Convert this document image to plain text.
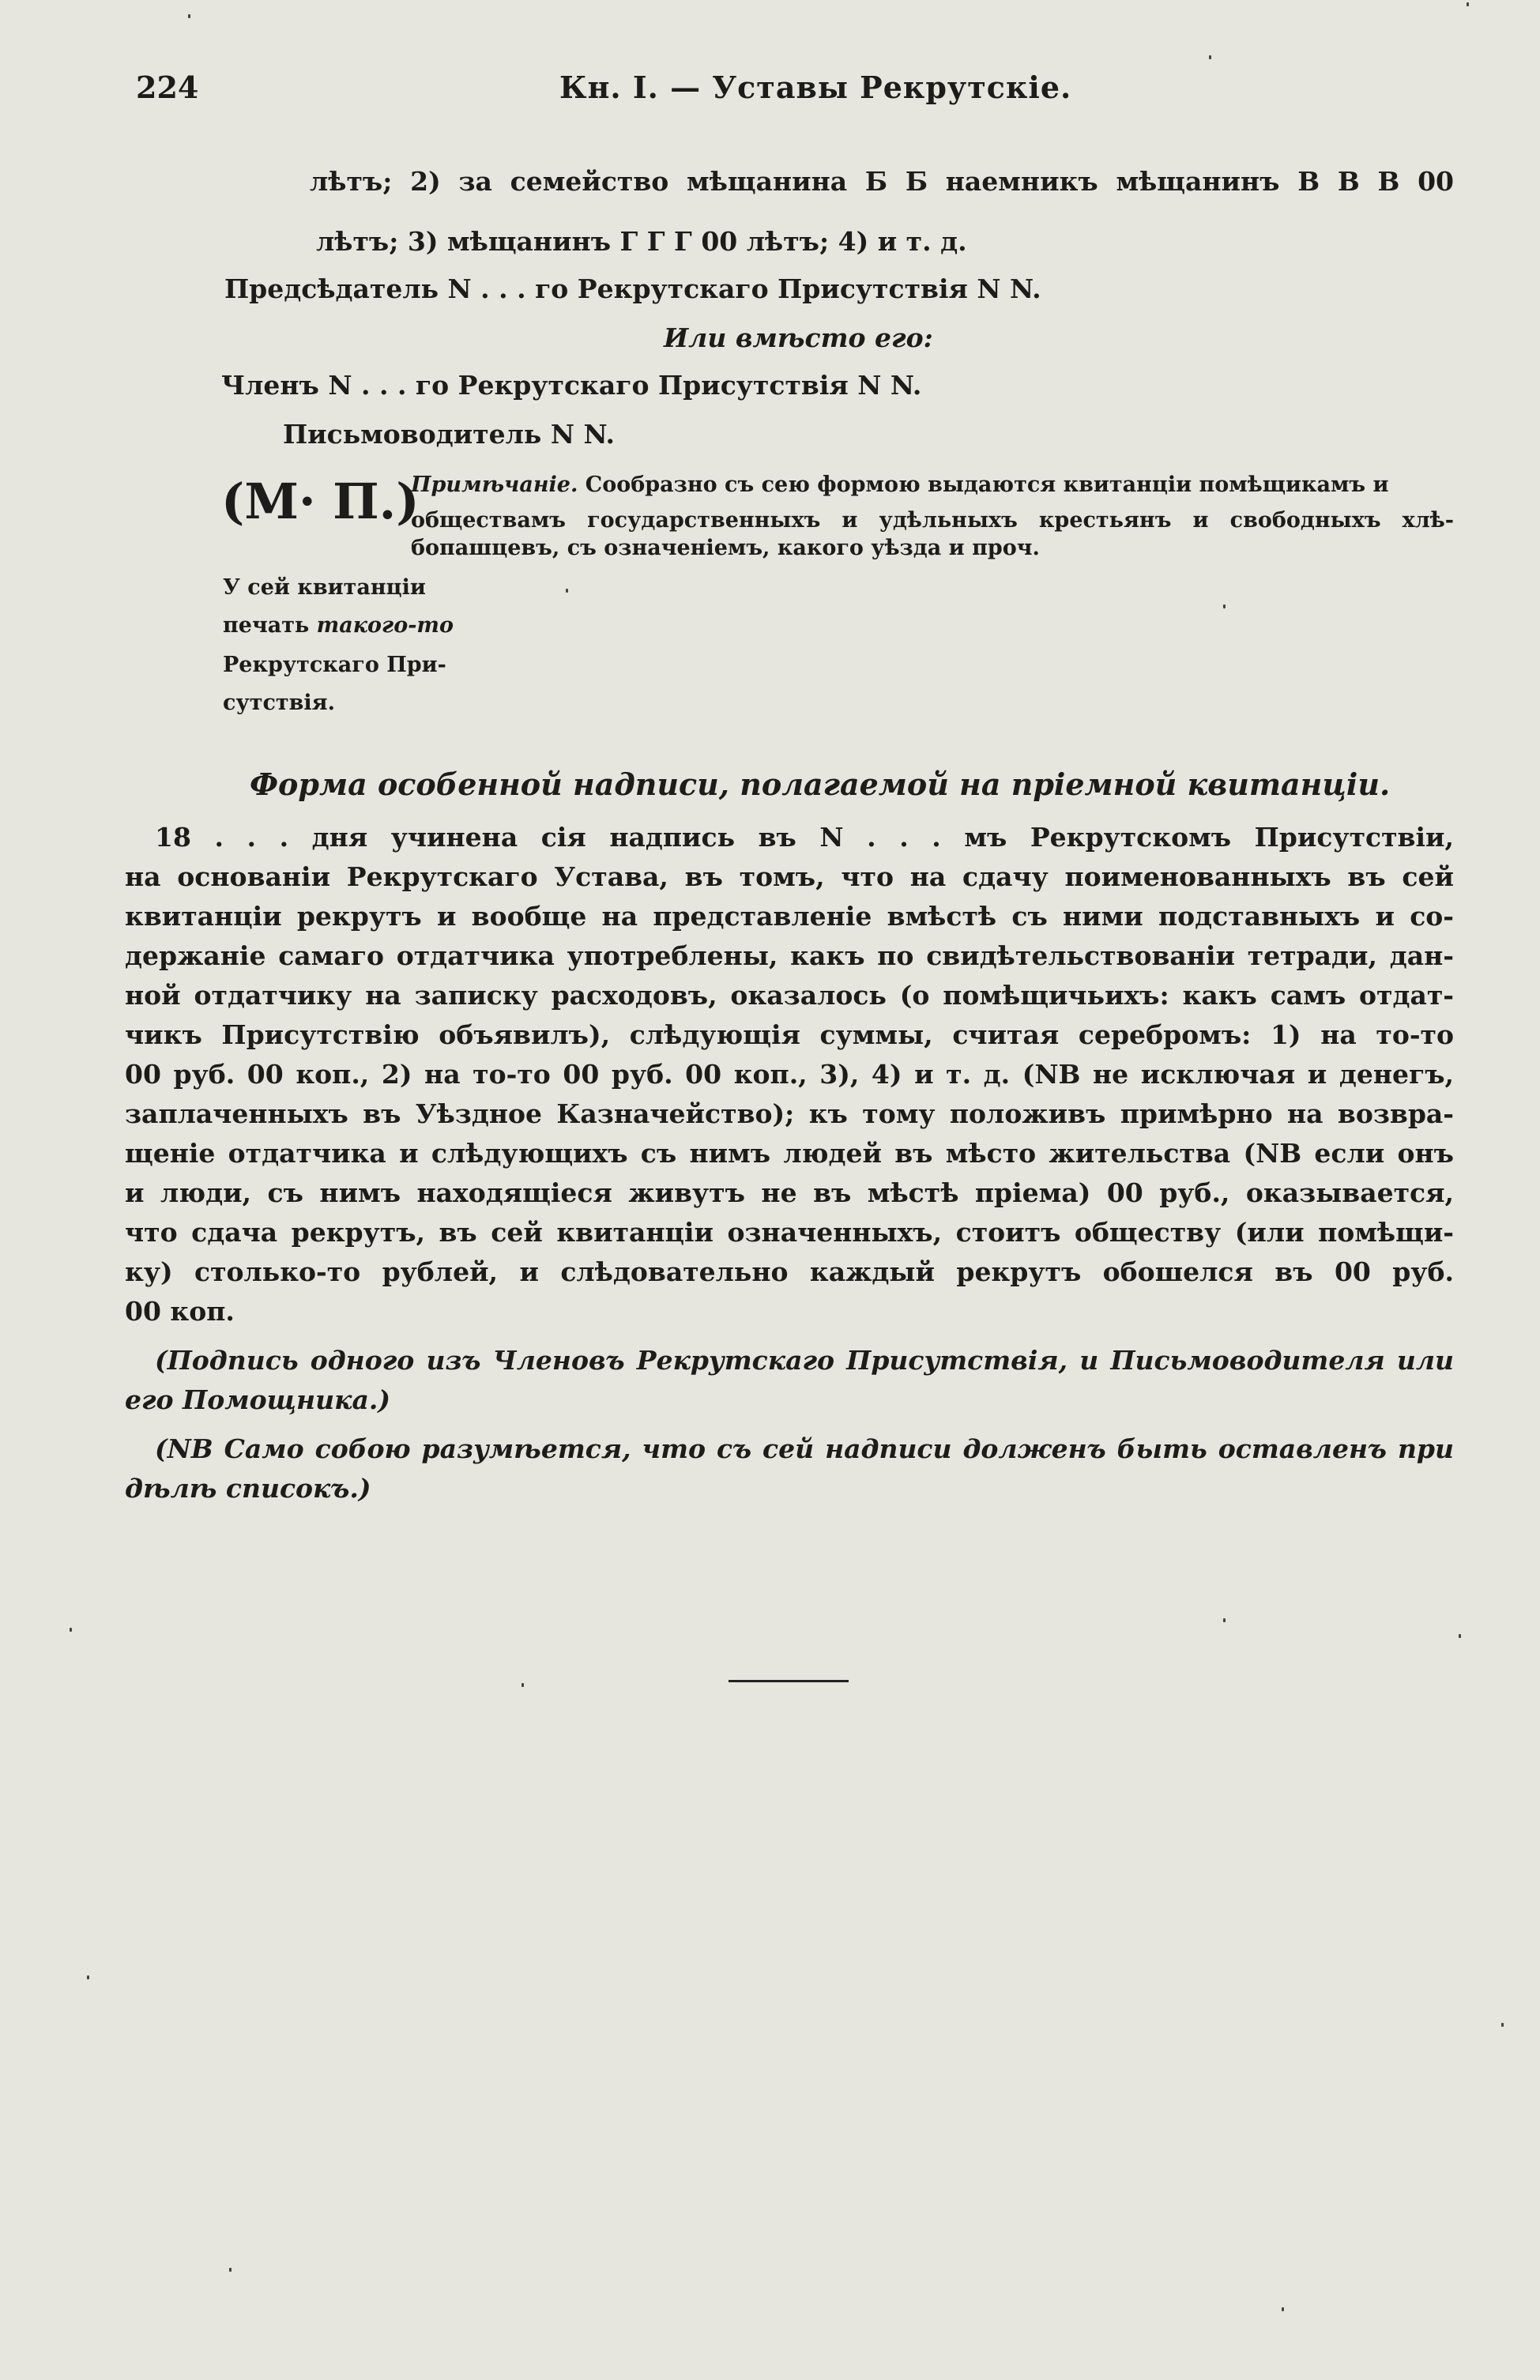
224	Кн. I. — Уставы Рекрутскіе.
лѣтъ; 2) за семейство мѣщанина Б Б наемникъ мѣщанинъ В В В 00
лѣтъ; 3) мѣщанинъ Г Г Г 00 лѣтъ; 4) и т. д.
Предсѣдатель N . . . го Рекрутскаго Присутствія N N.
Или вмѣсто его:
Членъ N . . . го Рекрутскаго Присутствія N N.
Письмоводитель N N.
(М· П.)
Примѣчаніе. Сообразно съ сею формою выдаются квитанціи помѣщикамъ и
обществамъ государственныхъ и удѣльныхъ крестьянъ и свободныхъ хлѣ-
бопашцевъ, съ означеніемъ, какого уѣзда и проч.
У сей квитанціи
печать такого-то
Рекрутскаго При-
сутствія.
Форма особенной надписи, полагаемой на пріемной квитанціи.
18 . . . дня учинена сія надпись въ N . . . мъ Рекрутскомъ Присутствіи,
на основаніи Рекрутскаго Устава, въ томъ, что на сдачу поименованныхъ въ сей
квитанціи рекрутъ и вообще на представленіе вмѣстѣ съ ними подставныхъ и со-
держаніе самаго отдатчика употреблены, какъ по свидѣтельствованіи тетради, дан-
ной отдатчику на записку расходовъ, оказалось (о помѣщичьихъ: какъ самъ отдат-
чикъ Присутствію объявилъ), слѣдующія суммы, считая серебромъ: 1) на то-то
00 руб. 00 коп., 2) на то-то 00 руб. 00 коп., 3), 4) и т. д. (NB не исключая и денегъ,
заплаченныхъ въ Уѣздное Казначейство); къ тому положивъ примѣрно на возвра-
щеніе отдатчика и слѣдующихъ съ нимъ людей въ мѣсто жительства (NB если онъ
и люди, съ нимъ находящіеся живутъ не въ мѣстѣ пріема) 00 руб., оказывается,
что сдача рекрутъ, въ сей квитанціи означенныхъ, стоитъ обществу (или помѣщи-
ку) столько-то рублей, и слѣдовательно каждый рекрутъ обошелся въ 00 руб.
00 коп.
(Подпись одного изъ Членовъ Рекрутскаго Присутствія, и Письмоводителя или
его Помощника.)
(NB Само собою разумѣется, что съ сей надписи долженъ быть оставленъ при
дѣлѣ списокъ.)
